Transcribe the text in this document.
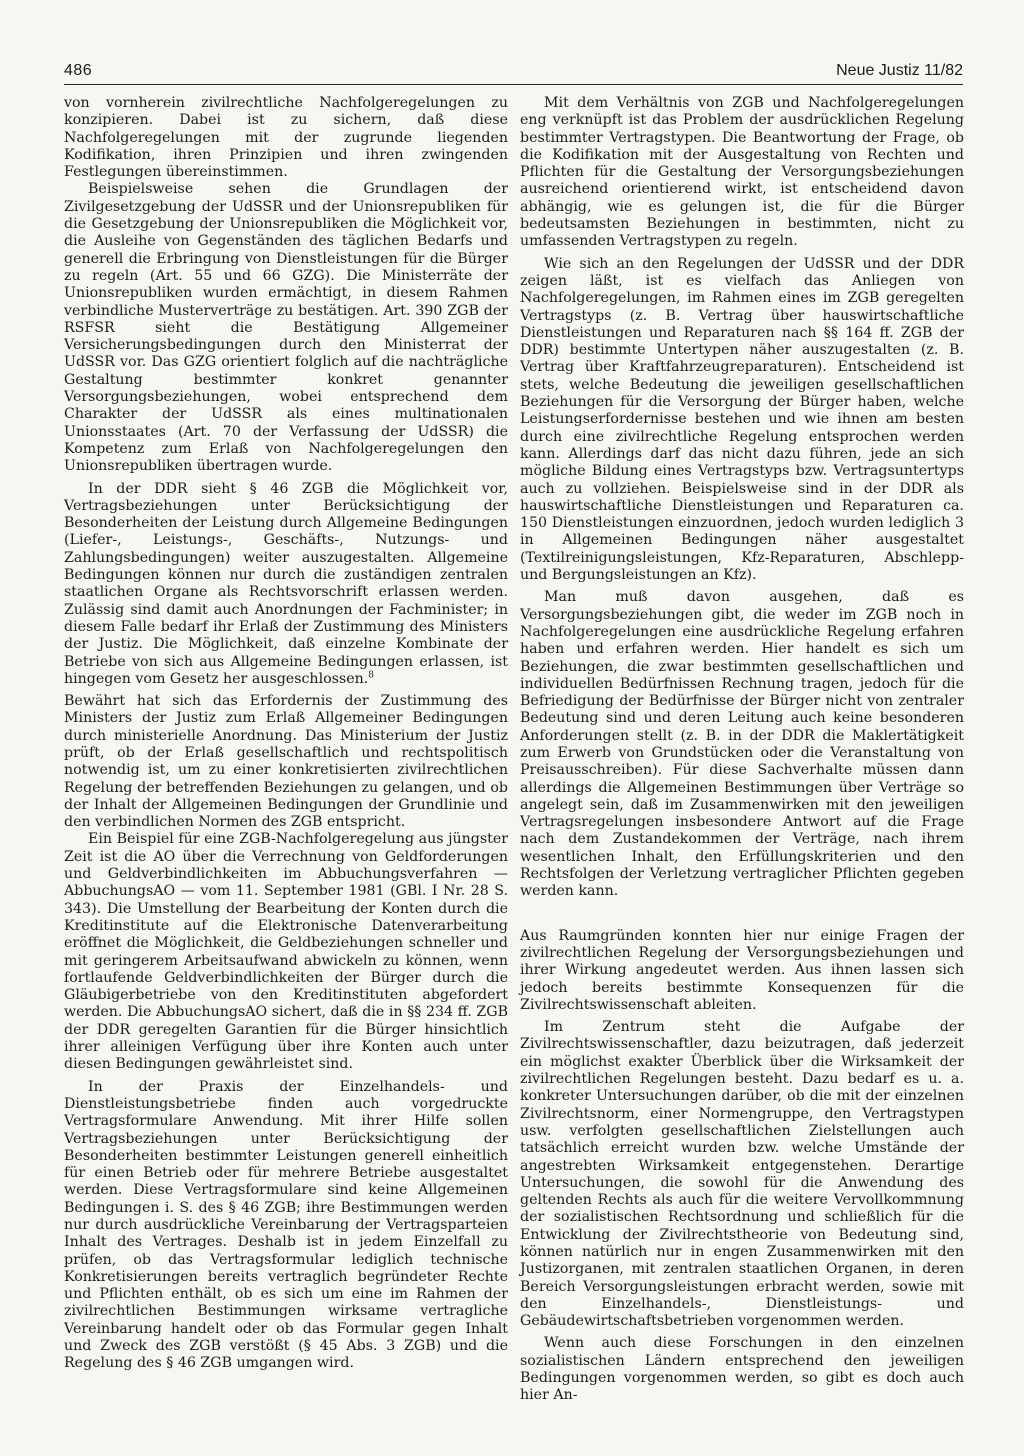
486	Neue Justiz 11/82

von vornherein zivilrechtliche Nachfolgeregelungen zu konzipieren. Dabei ist zu sichern, daß diese Nachfolgeregelungen mit der zugrunde liegenden Kodifikation, ihren Prinzipien und ihren zwingenden Festlegungen übereinstimmen.

Beispielsweise sehen die Grundlagen der Zivilgesetzgebung der UdSSR und der Unionsrepubliken für die Gesetzgebung der Unionsrepubliken die Möglichkeit vor, die Ausleihe von Gegenständen des täglichen Bedarfs und generell die Erbringung von Dienstleistungen für die Bürger zu regeln (Art. 55 und 66 GZG). Die Ministerräte der Unionsrepubliken wurden ermächtigt, in diesem Rahmen verbindliche Musterverträge zu bestätigen. Art. 390 ZGB der RSFSR sieht die Bestätigung Allgemeiner Versicherungsbedingungen durch den Ministerrat der UdSSR vor. Das GZG orientiert folglich auf die nachträgliche Gestaltung bestimmter konkret genannter Versorgungsbeziehungen, wobei entsprechend dem Charakter der UdSSR als eines multinationalen Unionsstaates (Art. 70 der Verfassung der UdSSR) die Kompetenz zum Erlaß von Nachfolgeregelungen den Unionsrepubliken übertragen wurde.

In der DDR sieht § 46 ZGB die Möglichkeit vor, Vertragsbeziehungen unter Berücksichtigung der Besonderheiten der Leistung durch Allgemeine Bedingungen (Liefer-, Leistungs-, Geschäfts-, Nutzungs- und Zahlungsbedingungen) weiter auszugestalten. Allgemeine Bedingungen können nur durch die zuständigen zentralen staatlichen Organe als Rechtsvorschrift erlassen werden. Zulässig sind damit auch Anordnungen der Fachminister; in diesem Falle bedarf ihr Erlaß der Zustimmung des Ministers der Justiz. Die Möglichkeit, daß einzelne Kombinate der Betriebe von sich aus Allgemeine Bedingungen erlassen, ist hingegen vom Gesetz her ausgeschlossen.$^8$

Bewährt hat sich das Erfordernis der Zustimmung des Ministers der Justiz zum Erlaß Allgemeiner Bedingungen durch ministerielle Anordnung. Das Ministerium der Justiz prüft, ob der Erlaß gesellschaftlich und rechtspolitisch notwendig ist, um zu einer konkretisierten zivilrechtlichen Regelung der betreffenden Beziehungen zu gelangen, und ob der Inhalt der Allgemeinen Bedingungen der Grundlinie und den verbindlichen Normen des ZGB entspricht.

Ein Beispiel für eine ZGB-Nachfolgeregelung aus jüngster Zeit ist die AO über die Verrechnung von Geldforderungen und Geldverbindlichkeiten im Abbuchungsverfahren — AbbuchungsAO — vom 11. September 1981 (GBl. I Nr. 28 S. 343). Die Umstellung der Bearbeitung der Konten durch die Kreditinstitute auf die Elektronische Datenverarbeitung eröffnet die Möglichkeit, die Geldbeziehungen schneller und mit geringerem Arbeitsaufwand abwickeln zu können, wenn fortlaufende Geldverbindlichkeiten der Bürger durch die Gläubigerbetriebe von den Kreditinstituten abgefordert werden. Die AbbuchungsAO sichert, daß die in §§ 234 ff. ZGB der DDR geregelten Garantien für die Bürger hinsichtlich ihrer alleinigen Verfügung über ihre Konten auch unter diesen Bedingungen gewährleistet sind.

In der Praxis der Einzelhandels- und Dienstleistungsbetriebe finden auch vorgedruckte Vertragsformulare Anwendung. Mit ihrer Hilfe sollen Vertragsbeziehungen unter Berücksichtigung der Besonderheiten bestimmter Leistungen generell einheitlich für einen Betrieb oder für mehrere Betriebe ausgestaltet werden. Diese Vertragsformulare sind keine Allgemeinen Bedingungen i. S. des § 46 ZGB; ihre Bestimmungen werden nur durch ausdrückliche Vereinbarung der Vertragsparteien Inhalt des Vertrages. Deshalb ist in jedem Einzelfall zu prüfen, ob das Vertragsformular lediglich technische Konkretisierungen bereits vertraglich begründeter Rechte und Pflichten enthält, ob es sich um eine im Rahmen der zivilrechtlichen Bestimmungen wirksame vertragliche Vereinbarung handelt oder ob das Formular gegen Inhalt und Zweck des ZGB verstößt (§ 45 Abs. 3 ZGB) und die Regelung des § 46 ZGB umgangen wird.

Mit dem Verhältnis von ZGB und Nachfolgeregelungen eng verknüpft ist das Problem der ausdrücklichen Regelung bestimmter Vertragstypen. Die Beantwortung der Frage, ob die Kodifikation mit der Ausgestaltung von Rechten und Pflichten für die Gestaltung der Versorgungsbeziehungen ausreichend orientierend wirkt, ist entscheidend davon abhängig, wie es gelungen ist, die für die Bürger bedeutsamsten Beziehungen in bestimmten, nicht zu umfassenden Vertragstypen zu regeln.

Wie sich an den Regelungen der UdSSR und der DDR zeigen läßt, ist es vielfach das Anliegen von Nachfolgeregelungen, im Rahmen eines im ZGB geregelten Vertragstyps (z. B. Vertrag über hauswirtschaftliche Dienstleistungen und Reparaturen nach §§ 164 ff. ZGB der DDR) bestimmte Untertypen näher auszugestalten (z. B. Vertrag über Kraftfahrzeugreparaturen). Entscheidend ist stets, welche Bedeutung die jeweiligen gesellschaftlichen Beziehungen für die Versorgung der Bürger haben, welche Leistungserfordernisse bestehen und wie ihnen am besten durch eine zivilrechtliche Regelung entsprochen werden kann. Allerdings darf das nicht dazu führen, jede an sich mögliche Bildung eines Vertragstyps bzw. Vertragsuntertyps auch zu vollziehen. Beispielsweise sind in der DDR als hauswirtschaftliche Dienstleistungen und Reparaturen ca. 150 Dienstleistungen einzuordnen, jedoch wurden lediglich 3 in Allgemeinen Bedingungen näher ausgestaltet (Textilreinigungsleistungen, Kfz-Reparaturen, Abschlepp- und Bergungsleistungen an Kfz).

Man muß davon ausgehen, daß es Versorgungsbeziehungen gibt, die weder im ZGB noch in Nachfolgeregelungen eine ausdrückliche Regelung erfahren haben und erfahren werden. Hier handelt es sich um Beziehungen, die zwar bestimmten gesellschaftlichen und individuellen Bedürfnissen Rechnung tragen, jedoch für die Befriedigung der Bedürfnisse der Bürger nicht von zentraler Bedeutung sind und deren Leitung auch keine besonderen Anforderungen stellt (z. B. in der DDR die Maklertätigkeit zum Erwerb von Grundstücken oder die Veranstaltung von Preisausschreiben). Für diese Sachverhalte müssen dann allerdings die Allgemeinen Bestimmungen über Verträge so angelegt sein, daß im Zusammenwirken mit den jeweiligen Vertragsregelungen insbesondere Antwort auf die Frage nach dem Zustandekommen der Verträge, nach ihrem wesentlichen Inhalt, den Erfüllungskriterien und den Rechtsfolgen der Verletzung vertraglicher Pflichten gegeben werden kann.

Aus Raumgründen konnten hier nur einige Fragen der zivilrechtlichen Regelung der Versorgungsbeziehungen und ihrer Wirkung angedeutet werden. Aus ihnen lassen sich jedoch bereits bestimmte Konsequenzen für die Zivilrechtswissenschaft ableiten.

Im Zentrum steht die Aufgabe der Zivilrechtswissenschaftler, dazu beizutragen, daß jederzeit ein möglichst exakter Überblick über die Wirksamkeit der zivilrechtlichen Regelungen besteht. Dazu bedarf es u. a. konkreter Untersuchungen darüber, ob die mit der einzelnen Zivilrechtsnorm, einer Normengruppe, den Vertragstypen usw. verfolgten gesellschaftlichen Zielstellungen auch tatsächlich erreicht wurden bzw. welche Umstände der angestrebten Wirksamkeit entgegenstehen. Derartige Untersuchungen, die sowohl für die Anwendung des geltenden Rechts als auch für die weitere Vervollkommnung der sozialistischen Rechtsordnung und schließlich für die Entwicklung der Zivilrechtstheorie von Bedeutung sind, können natürlich nur in engen Zusammenwirken mit den Justizorganen, mit zentralen staatlichen Organen, in deren Bereich Versorgungsleistungen erbracht werden, sowie mit den Einzelhandels-, Dienstleistungs- und Gebäudewirtschaftsbetrieben vorgenommen werden.

Wenn auch diese Forschungen in den einzelnen sozialistischen Ländern entsprechend den jeweiligen Bedingungen vorgenommen werden, so gibt es doch auch hier An-
